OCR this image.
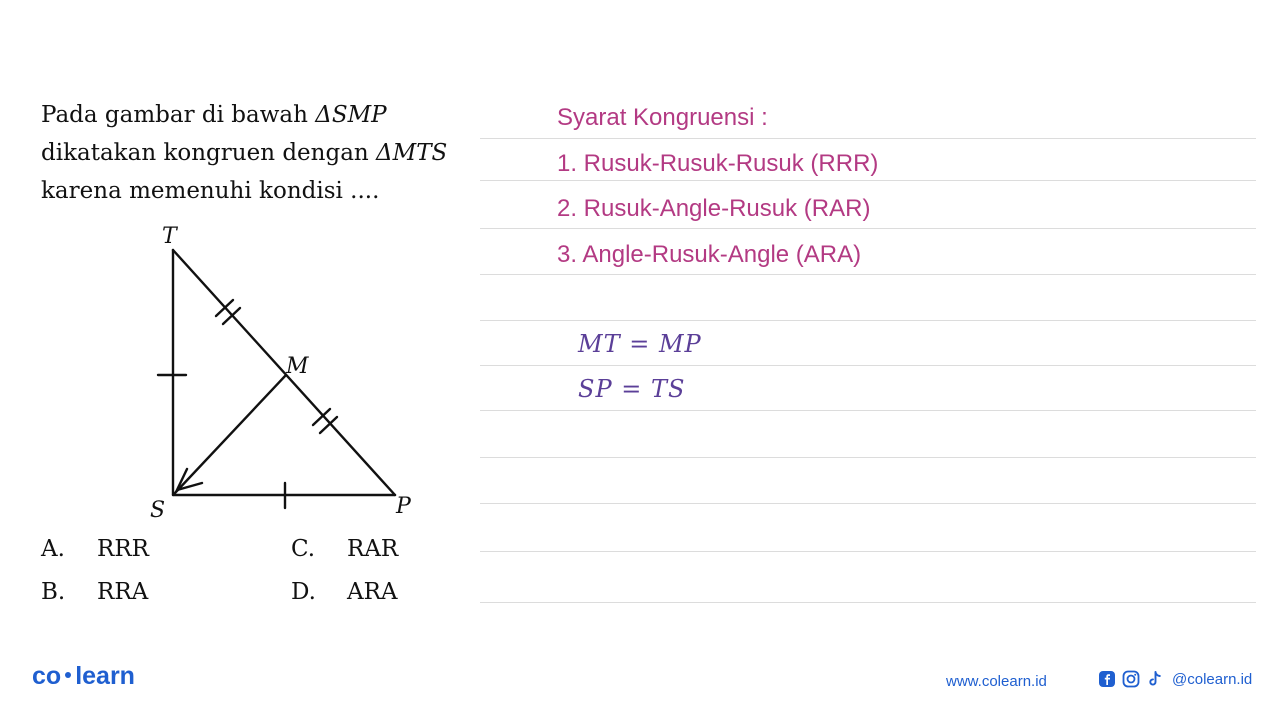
Pada gambar di bawah ΔSMP

dikatakan kongruen dengan ΔMTS

karena memenuhi kondisi ....

T
M
S	P
A. RRR
B. RRA
C. RAR
D. ARA
Syarat Kongruensi :
1. Rusuk-Rusuk-Rusuk (RRR)
2. Rusuk-Angle-Rusuk (RAR)
3. Angle-Rusuk-Angle (ARA)
MT = MP
SP = TS
co learn	www.colearn.id	@colearn.id
